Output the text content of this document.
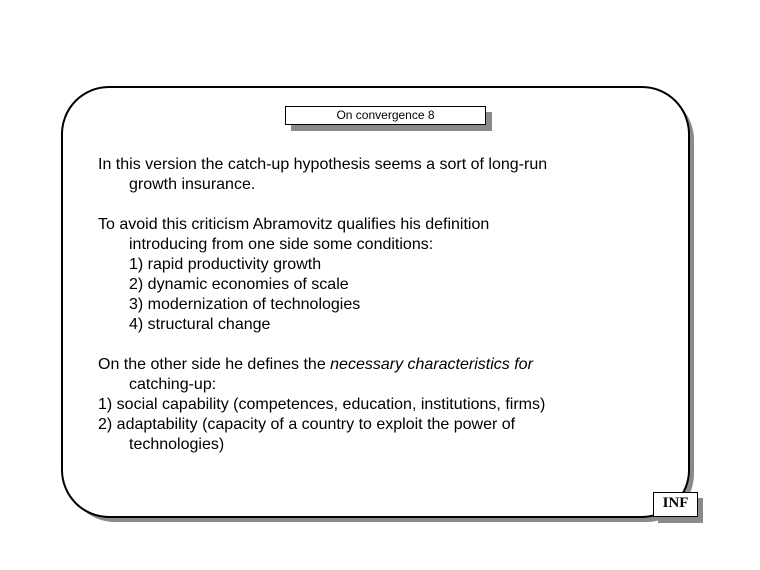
On convergence 8

In this version the catch-up hypothesis seems a sort of long-run
growth insurance.

To avoid this criticism Abramovitz qualifies his definition
introducing from one side some conditions:
1) rapid productivity growth
2) dynamic economies of scale
3) modernization of technologies
4) structural change

On the other side he defines the necessary characteristics for
catching-up:
1) social capability (competences, education, institutions, firms)
2) adaptability (capacity of a country to exploit the power of
technologies)

INF
